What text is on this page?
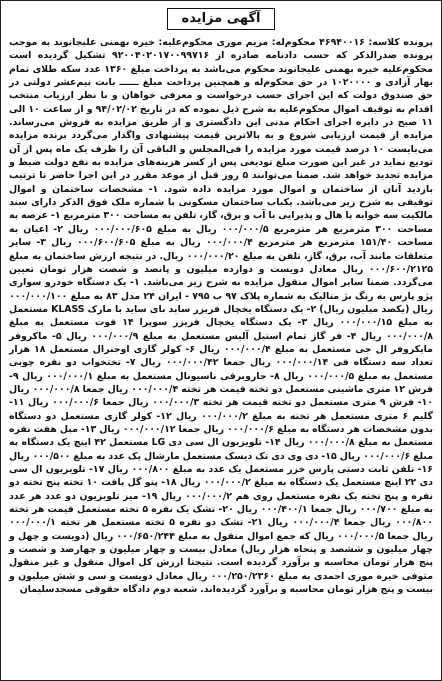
آگهی مزایده

پرونده کلاسه: ۴۶۹۴۰۰۱۶ محکوم‌له: مریم موری محکوم‌علیه: خیره بهمنی علیجانوند به موجب پرونده صدرالذکر که حسب دادنامه صادره از ۹۲۰۰۴۰۲۰۱۷۰۰۹۹۷۱۶ تشکیل گردیده است محکوم‌علیه خیره بهمنی علیجانوند محکوم می‌باشد به پرداخت مبلغ ۱۳۶۰ عدد سکه طلای تمام بهار آزادی و ۱۰۲۰۰۰۰ در حق محکوم‌له و همچنین پرداخت مبلغ ــــــ بابت نیم‌عشر دولتی در حق صندوق دولت که این اجرای حسب درخواست و معرفی خواهان و با نظر ارزیاب منتخب اقدام به توقیف اموال محکوم‌علیه به شرح ذیل نموده که در تاریخ ۹۴/۰۲/۰۲ و از ساعت ۱۰ الی ۱۱ صبح در دایره اجرای احکام مدنی این دادگستری و از طریق مزایده به فروش می‌رساند. مزایده از قیمت ارزیابی شروع و به بالاترین قیمت پیشنهادی واگذار می‌گردد برنده مزایده می‌بایست ۱۰ درصد قیمت مورد مزایده را فی‌المجلس و الباقی آن را ظرف یک ماه پس از آن تودیع نماید در غیر این صورت مبلغ تودیعی پس از کسر هزینه‌های مزایده به نفع دولت ضبط و مزایده تجدید خواهد شد. ضمنا می‌توانند ۵ روز قبل از موعد مقرر در این اجرا حاضر تا ترتیب بازدید آنان از ساختمان و اموال مورد مزایده داده شود. ۱- مشخصات ساختمان و اموال توقیفی به شرح زیر می‌باشد. یکباب ساختمان مسکونی با شماره ملک فوق الذکر دارای سند مالکیت سه خوابه با هال و پذیرایی با آب و برق، گاز، تلفن به مساحت ۳۰۰ مترمربع ۱- عرصه به مساحت ۳۰۰ مترمربع هر مترمربع ۰۰۰/۰۰۰/۵ ریال به مبلغ ۰۰۰/۰۰۰/۶۰۵ ریال ۲- اعیان به مساحت ۱۵۱/۴۰ مترمربع هر مترمربع ۰۰۰/۰۰۰/۴ ریال به مبلغ ۰۰۰/۶۰۰/۶۰۵ ریال ۳- سایر متعلقات مانند آب، برق، گاز، تلفن به مبلغ ۰۰۰/۰۰۰/۲۰ ریال. در نتیجه ارزش ساختمان به مبلغ ۰۰۰/۶۰۰/۲۱۲۵ ریال معادل دویست و دوازده میلیون و پانصد و شصت هزار تومان تعیین می‌گردد. ضمنا سایر اموال منقول مزایده به شرح زیر می‌باشد. ۱- یک دستگاه خودرو سواری پژو پارس به رنگ بژ متالیک به شماره پلاک ۹۷ ب ۷۹۵ - ایران ۲۴ مدل ۸۳ به مبلغ ۰۰۰/۰۰۰/۱۰۰ ریال (یکصد میلیون ریال) ۲- یک دستگاه یخچال فریزر ساید بای ساید با مارک KLASS مستعمل به مبلغ ۰۰۰/۰۰۰/۱۵ ریال ۳- یک دستگاه یخچال فریزر سوپرا ۱۴ فوت مستعمل به مبلغ ۰۰۰/۰۰۰/۸ ریال ۴- فر گاز تمام استیل آلیس مستعمل به مبلغ ۰۰۰/۰۰۰/۹ ریال ۵- ماکروفر مایکروفر ال جی مستعمل به مبلغ ۰۰۰/۰۰۰/۴ ریال ۶- کولر گازی اوجنرال مستعمل ۱۸ هزار تعداد سه دستگاه فی ۰۰۰/۰۰۰/۱۴ ریال جمعا ۰۰۰/۰۰۰/۴۲ ریال ۷- تختخواب دو نفره چوبی مستعمل به مبلغ ۰۰۰/۰۰۰/۵ ریال ۸- جاروبرقی ناسیونال مستعمل به مبلغ ۰۰۰/۰۰۰/۱ ریال ۹- فرش ۱۲ متری ماشینی مستعمل دو تخته قیمت هر تخته ۰۰۰/۰۰۰/۴ ریال جمعا ۰۰۰/۰۰۰/۸ ریال ۱۰- فرش ۹ متری مستعمل دو تخته قیمت هر تخته ۰۰۰/۰۰۰/۳ ریال جمعا ۰۰۰/۰۰۰/۶ ریال ۱۱- گلیم ۶ متری مستعمل هر تخته به مبلغ ۰۰۰/۰۰۰/۲ ریال ۱۲- کولر گازی مستعمل دو دستگاه بدون مشخصات هر دستگاه به مبلغ ۰۰۰/۰۰۰/۶ ریال جمعا ۰۰۰/۰۰۰/۱۲ ریال ۱۳- مبل هفت نفره مستعمل به مبلغ ۰۰۰/۰۰۰/۸ ریال ۱۴- تلویزیون ال سی دی LG مستعمل ۴۲ اینچ یک دستگاه به مبلغ ۰۰۰/۰۰۰/۶ ریال ۱۵- دی وی دی تک دیسک مستعمل مارشال یک عدد به مبلغ ۰۰۰/۵۰۰ ریال ۱۶- تلفن ثابت دستی پارس خزر مستعمل یک عدد به مبلغ ۰۰۰/۸۰۰ ریال ۱۷- تلویزیون ال سی دی ۲۲ اینچ مستعمل یک دستگاه به مبلغ ۰۰۰/۰۰۰/۲ ریال ۱۸- پتو گل بافت ۱۰ تخته پنج تخته دو نفره و پنج تخته یک نفره مستعمل روی هم ۰۰۰/۰۰۰/۲ ریال ۱۹- میز تلویزیون دو عدد هر عدد به مبلغ ۰۰۰/۷۰۰ ریال جمعا ۰۰۰/۴۰۰/۱ ریال ۲۰- تشک یک نفره ۵ تخته مستعمل قیمت هر تخته ۰۰۰/۸۰۰ ریال جمعا ۰۰۰/۰۰۰/۴ ریال ۲۱- تشک دو نفره ۵ تخته مستعمل هر تخته ۰۰۰/۰۰۰/۱ ریال جمعا ۰۰۰/۰۰۰/۵ ریال که جمع اموال منقول به مبلغ ۰۰۰/۶۵۰/۲۴۴ ریال (دویست و چهل و چهار میلیون و ششصد و پنجاه هزار ریال) معادل بیست و چهار میلیون و چهارصد و شصت و پنج هزار تومان محاسبه و برآورد گردیده است. نتیجتا ارزش کل اموال منقول و غیر منقول متوفی خیره موری احمدی به مبلغ ۰۰۰/۲۵۰/۲۳۶۰ ریال معادل دویست و سی و شش میلیون و بیست و پنج هزار تومان محاسبه و برآورد گردیده‌اند. شعبه دوم دادگاه حقوقی مسجدسلیمان
